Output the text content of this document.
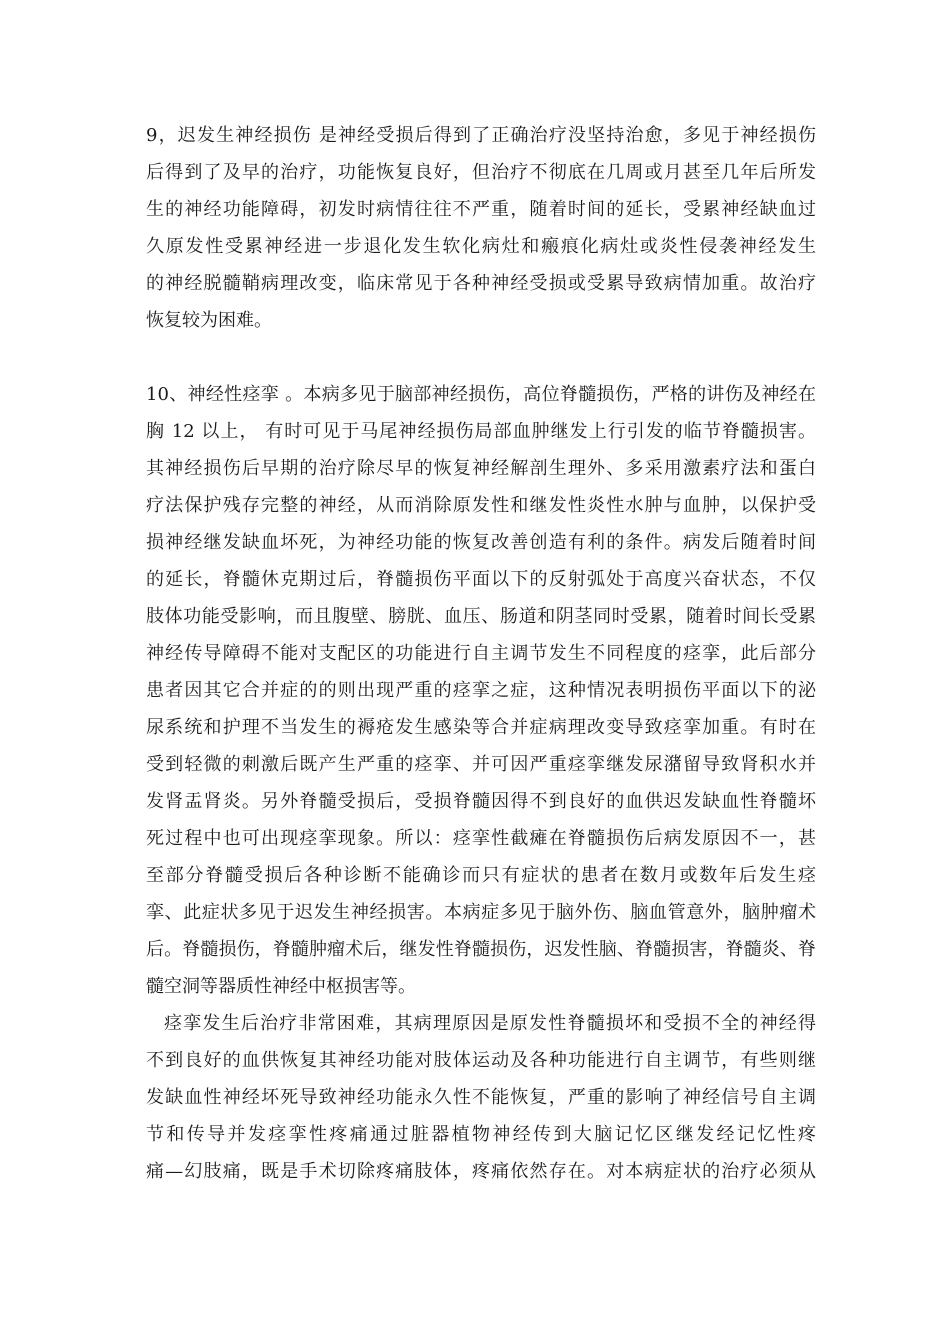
9，迟发生神经损伤 是神经受损后得到了正确治疗没坚持治愈，多见于神经损伤
后得到了及早的治疗，功能恢复良好，但治疗不彻底在几周或月甚至几年后所发
生的神经功能障碍，初发时病情往往不严重，随着时间的延长，受累神经缺血过
久原发性受累神经进一步退化发生软化病灶和瘢痕化病灶或炎性侵袭神经发生
的神经脱髓鞘病理改变，临床常见于各种神经受损或受累导致病情加重。故治疗
恢复较为困难。
10、神经性痉挛 。本病多见于脑部神经损伤，高位脊髓损伤，严格的讲伤及神经在
胸 12 以上， 有时可见于马尾神经损伤局部血肿继发上行引发的临节脊髓损害。
其神经损伤后早期的治疗除尽早的恢复神经解剖生理外、多采用激素疗法和蛋白
疗法保护残存完整的神经，从而消除原发性和继发性炎性水肿与血肿，以保护受
损神经继发缺血坏死，为神经功能的恢复改善创造有利的条件。病发后随着时间
的延长，脊髓休克期过后，脊髓损伤平面以下的反射弧处于高度兴奋状态，不仅
肢体功能受影响，而且腹壁、膀胱、血压、肠道和阴茎同时受累，随着时间长受累
神经传导障碍不能对支配区的功能进行自主调节发生不同程度的痉挛，此后部分
患者因其它合并症的的则出现严重的痉挛之症，这种情况表明损伤平面以下的泌
尿系统和护理不当发生的褥疮发生感染等合并症病理改变导致痉挛加重。有时在
受到轻微的刺激后既产生严重的痉挛、并可因严重痉挛继发尿潴留导致肾积水并
发肾盂肾炎。另外脊髓受损后，受损脊髓因得不到良好的血供迟发缺血性脊髓坏
死过程中也可出现痉挛现象。所以：痉挛性截瘫在脊髓损伤后病发原因不一，甚
至部分脊髓受损后各种诊断不能确诊而只有症状的患者在数月或数年后发生痉
挛、此症状多见于迟发生神经损害。本病症多见于脑外伤、脑血管意外，脑肿瘤术
后。脊髓损伤，脊髓肿瘤术后，继发性脊髓损伤，迟发性脑、脊髓损害，脊髓炎、脊
髓空洞等器质性神经中枢损害等。
痉挛发生后治疗非常困难，其病理原因是原发性脊髓损坏和受损不全的神经得
不到良好的血供恢复其神经功能对肢体运动及各种功能进行自主调节，有些则继
发缺血性神经坏死导致神经功能永久性不能恢复，严重的影响了神经信号自主调
节和传导并发痉挛性疼痛通过脏器植物神经传到大脑记忆区继发经记忆性疼
痛—幻肢痛，既是手术切除疼痛肢体，疼痛依然存在。对本病症状的治疗必须从
